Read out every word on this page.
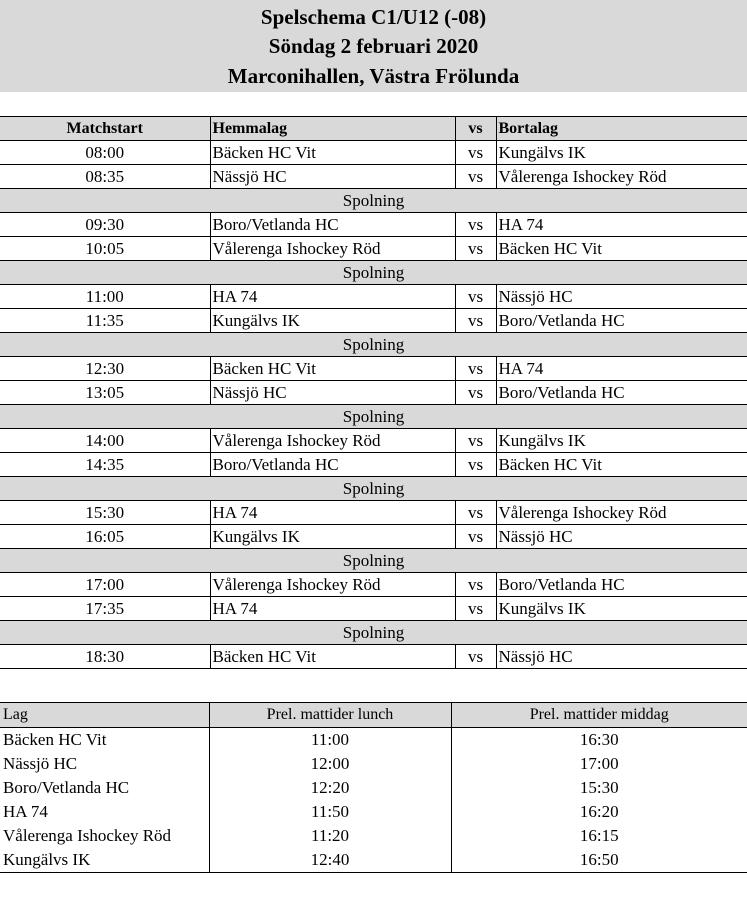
Spelschema C1/U12 (-08)
Söndag 2 februari 2020
Marconihallen, Västra Frölunda
Matchstart	Hemmalag	vs	Bortalag
08:00	Bäcken HC Vit	vs	Kungälvs IK
08:35	Nässjö HC	vs	Vålerenga Ishockey Röd
Spolning			
09:30	Boro/Vetlanda HC	vs	HA 74
10:05	Vålerenga Ishockey Röd	vs	Bäcken HC Vit
Spolning			
11:00	HA 74	vs	Nässjö HC
11:35	Kungälvs IK	vs	Boro/Vetlanda HC
Spolning			
12:30	Bäcken HC Vit	vs	HA 74
13:05	Nässjö HC	vs	Boro/Vetlanda HC
Spolning			
14:00	Vålerenga Ishockey Röd	vs	Kungälvs IK
14:35	Boro/Vetlanda HC	vs	Bäcken HC Vit
Spolning			
15:30	HA 74	vs	Vålerenga Ishockey Röd
16:05	Kungälvs IK	vs	Nässjö HC
Spolning			
17:00	Vålerenga Ishockey Röd	vs	Boro/Vetlanda HC
17:35	HA 74	vs	Kungälvs IK
Spolning			
18:30	Bäcken HC Vit	vs	Nässjö HC
Lag	Prel. mattider lunch	Prel. mattider middag
Bäcken HC Vit	11:00	16:30
Nässjö HC	12:00	17:00
Boro/Vetlanda HC	12:20	15:30
HA 74	11:50	16:20
Vålerenga Ishockey Röd	11:20	16:15
Kungälvs IK	12:40	16:50
